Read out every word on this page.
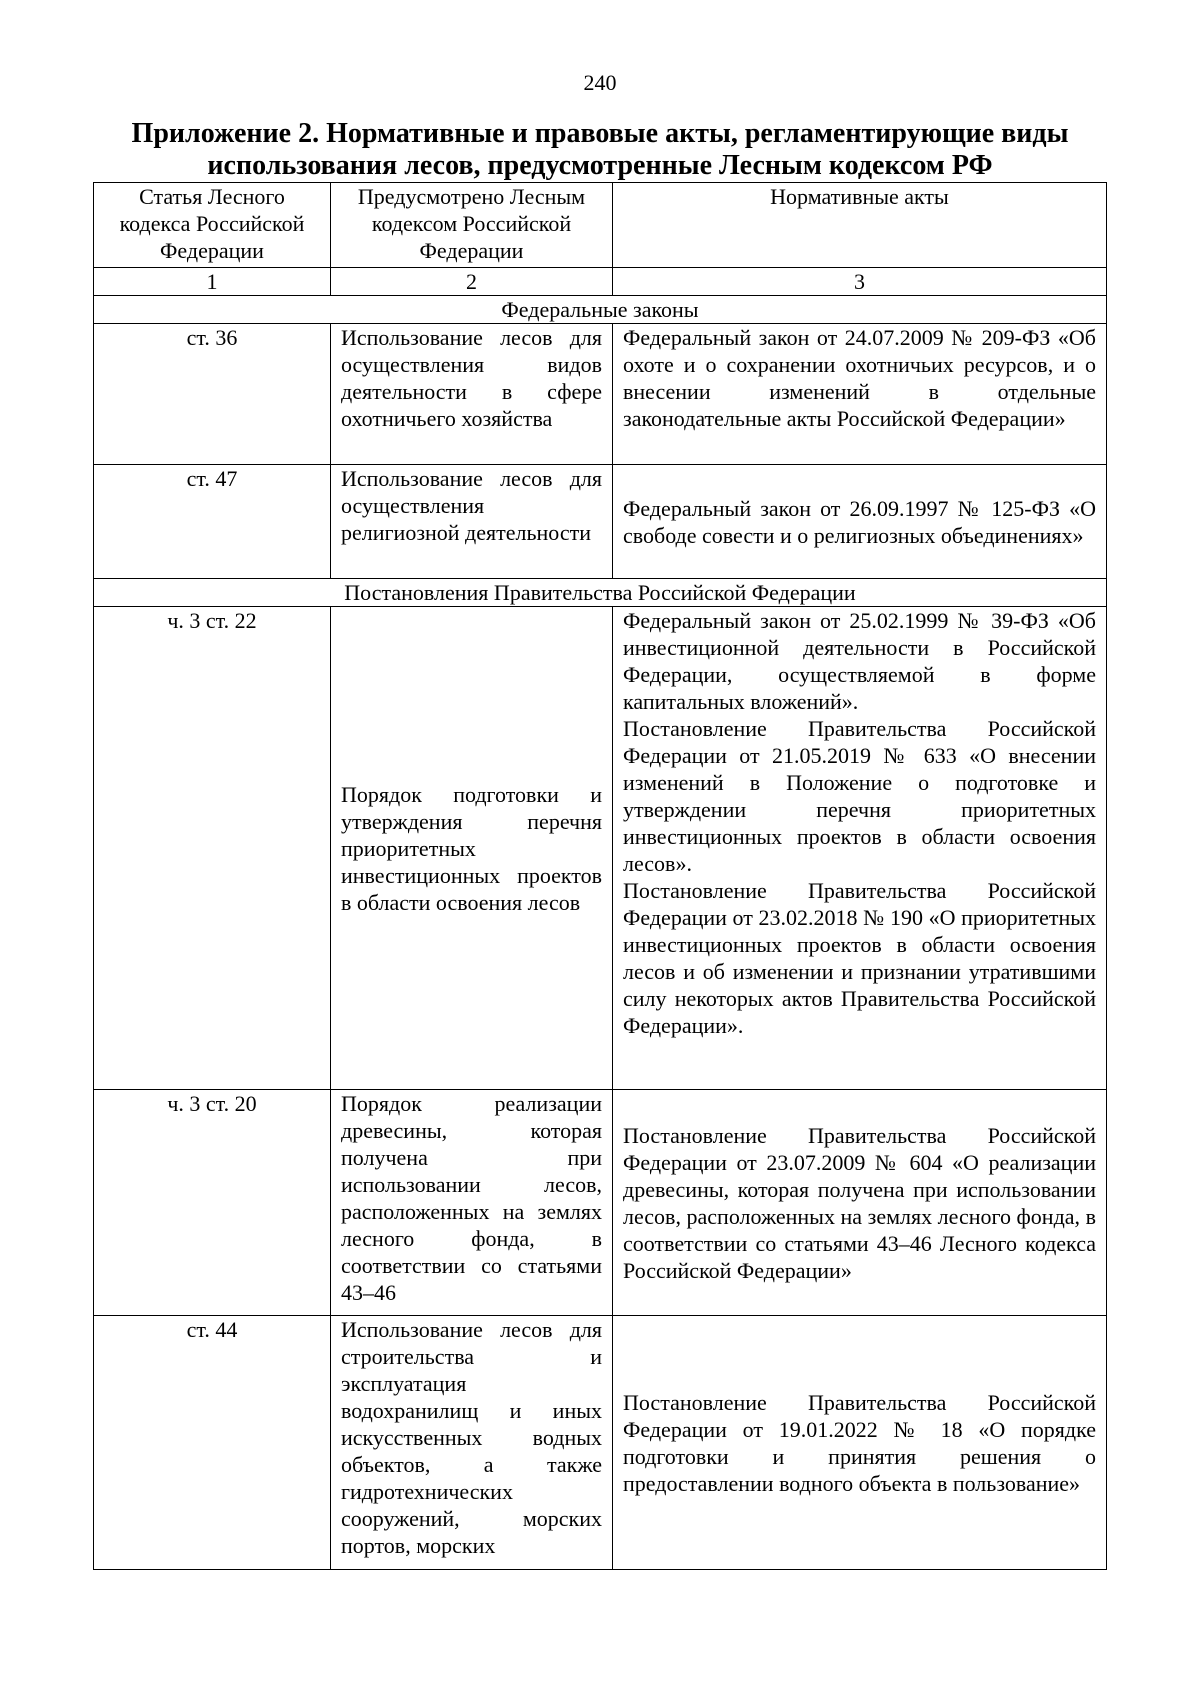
240
Приложение 2. Нормативные и правовые акты, регламентирующие виды использования лесов, предусмотренные Лесным кодексом РФ
Статья Лесного кодекса Российской Федерации	Предусмотрено Лесным кодексом Российской Федерации	Нормативные акты
1	2	3
Федеральные законы		
ст. 36	Использование лесов для осуществления видов деятельности в сфере охотничьего хозяйства	Федеральный закон от 24.07.2009 № 209-ФЗ «Об охоте и о сохранении охотничьих ресурсов, и о внесении изменений в отдельные законодательные акты Российской Федерации»

ст. 47	Использование лесов для осуществления религиозной деятельности	Федеральный закон от 26.09.1997 № 125-ФЗ «О свободе совести и о религиозных объединениях»

Постановления Правительства Российской Федерации		
ч. 3 ст. 22	Порядок подготовки и утверждения перечня приоритетных инвестиционных проектов в области освоения лесов	Федеральный закон от 25.02.1999 № 39-ФЗ «Об инвестиционной деятельности в Российской Федерации, осуществляемой в форме капитальных вложений».
Постановление Правительства Российской Федерации от 21.05.2019 № 633 «О внесении изменений в Положение о подготовке и утверждении перечня приоритетных инвестиционных проектов в области освоения лесов».
Постановление Правительства Российской Федерации от 23.02.2018 № 190 «О приоритетных инвестиционных проектов в области освоения лесов и об изменении и признании утратившими силу некоторых актов Правительства Российской Федерации».

ч. 3 ст. 20	Порядок реализации древесины, которая получена при использовании лесов, расположенных на землях лесного фонда, в соответствии со статьями 43–46	Постановление Правительства Российской Федерации от 23.07.2009 № 604 «О реализации древесины, которая получена при использовании лесов, расположенных на землях лесного фонда, в соответствии со статьями 43–46 Лесного кодекса Российской Федерации»

ст. 44	Использование лесов для строительства и эксплуатация водохранилищ и иных искусственных водных объектов, а также гидротехнических сооружений, морских портов, морских	Постановление Правительства Российской Федерации от 19.01.2022 № 18 «О порядке подготовки и принятия решения о предоставлении водного объекта в пользование»
